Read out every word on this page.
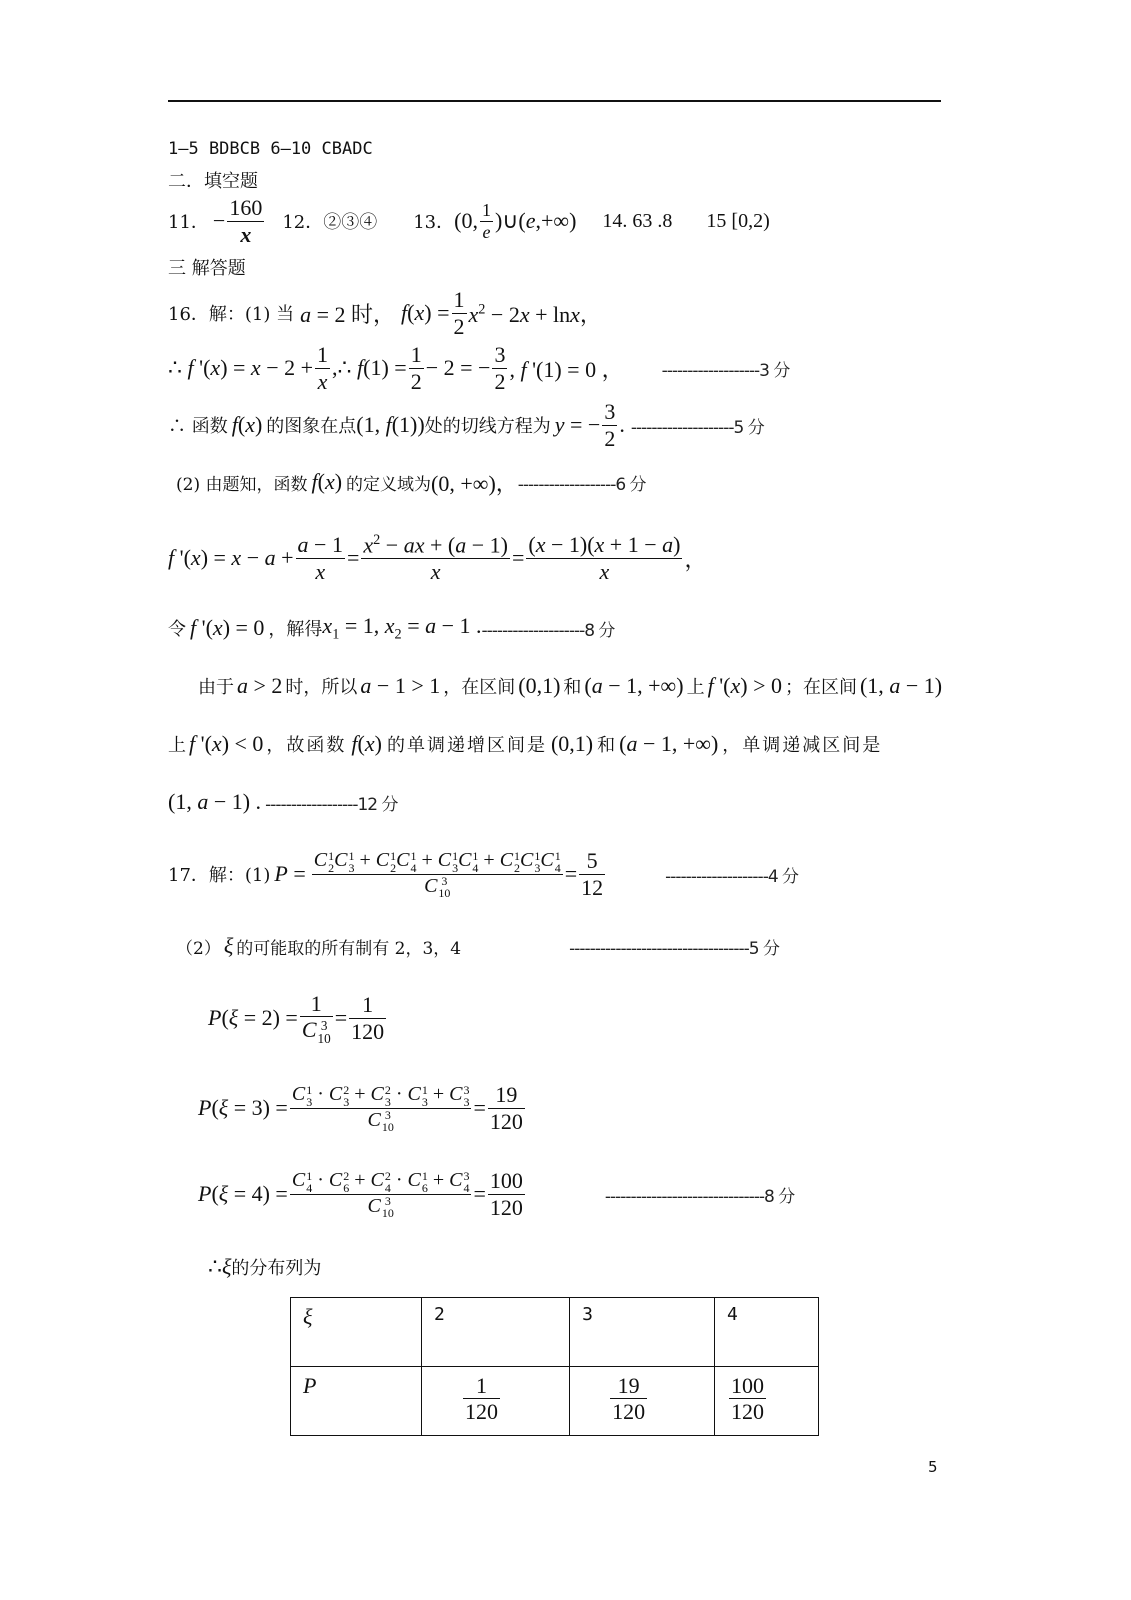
1—5 BDBCB 6—10 CBADC
二．填空题
11． − $\frac{160}{x} 12$．②③④ 13． (0, $\frac{1}{e}$ )∪(e,+∞) 14. 63 .8 15 [0,2)
三 解答题
16．解：(1) 当 a = 2 时， $f(x) = \frac{1}{2} x^2 - 2x + \ln x$，
∴ f '$(x) = x - 2 + \frac{1}{x}$ ,∴ $f(1) = \frac{1}{2} - 2$ = − $\frac{3}{2}$ , f '(1) = 0 ， -------------------3 分
∴ 函数 f(x) 的图象在点 (1, f(1)) 处的切线方程为 y = − $\frac{3}{2}$ . --------------------5 分
(2) 由题知，函数 f(x) 的定义域为 (0, +∞)， -------------------6 分
f '$(x) = x - a + \frac{a - 1}{x} = \frac{x^2 - ax + (a - 1)}{x} = \frac{(x - 1)(x + 1 - a)}{x}$ ，
令 f '(x) = 0 ，解得 $x_1 = 1$, $x_2 = a - 1$ . --------------------8 分
由于 a > 2 时，所以 a − 1 > 1 ，在区间 (0,1) 和 (a − 1, +∞) 上 f '(x) > 0 ；在区间 (1, a − 1)
上 f '(x) < 0 ，故函数 f(x) 的单调递增区间是 (0,1) 和 (a − 1, +∞) ，单调递减区间是
(1, a − 1) . ------------------12 分
17．解：(1) P = C 1
2 C 1
3 + C 1
2 C 1
4 + C 1
3 C 1
4 + C 1
2 C 1
3 C 1
4
C 3
$10 = \frac{5}{12}$	--------------------4 分
（2） ξ 的可能取的所有制有 2，3，4	-----------------------------------5 分
P(ξ = 2) = 1
C 3
$10 = \frac{1}{120}$
P(ξ = 3) = C 1
3 · C 2
3 + C 2
3 · C 1
3 + C 3
3
C 3
$10 = \frac{19}{120}$
P(ξ = 4) = C 1
4 · C 2
6 + C 2
4 · C 1
6 + C 3
4
C 3
$10 = \frac{100}{120}$	-------------------------------8 分
∴ξ 的分布列为
ξ	2	3	4
P	$\frac{1}{120}$	$\frac{19}{120}$	$\frac{100}{120}$
5
